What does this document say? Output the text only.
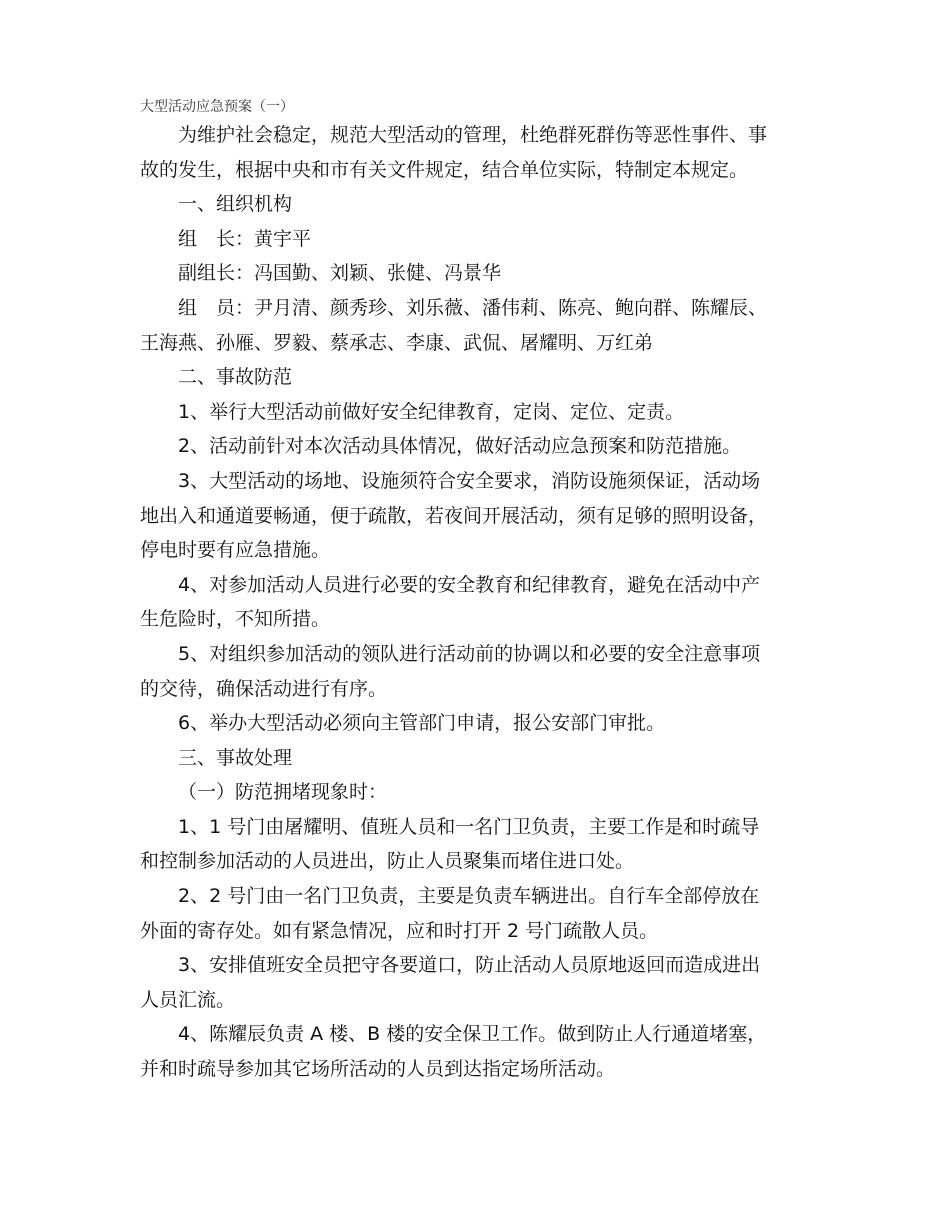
大型活动应急预案（一）

为维护社会稳定，规范大型活动的管理，杜绝群死群伤等恶性事件、事
故的发生，根据中央和市有关文件规定，结合单位实际，特制定本规定。
一、组织机构
组　长：黄宇平
副组长：冯国勤、刘颖、张健、冯景华
组　员：尹月清、颜秀珍、刘乐薇、潘伟莉、陈亮、鲍向群、陈耀辰、
王海燕、孙雁、罗毅、蔡承志、李康、武侃、屠耀明、万红弟
二、事故防范
1、举行大型活动前做好安全纪律教育，定岗、定位、定责。
2、活动前针对本次活动具体情况，做好活动应急预案和防范措施。
3、大型活动的场地、设施须符合安全要求，消防设施须保证，活动场
地出入和通道要畅通，便于疏散，若夜间开展活动，须有足够的照明设备，
停电时要有应急措施。
4、对参加活动人员进行必要的安全教育和纪律教育，避免在活动中产
生危险时，不知所措。
5、对组织参加活动的领队进行活动前的协调以和必要的安全注意事项
的交待，确保活动进行有序。
6、举办大型活动必须向主管部门申请，报公安部门审批。
三、事故处理
（一）防范拥堵现象时：
1、1 号门由屠耀明、值班人员和一名门卫负责，主要工作是和时疏导
和控制参加活动的人员进出，防止人员聚集而堵住进口处。
2、2 号门由一名门卫负责，主要是负责车辆进出。自行车全部停放在
外面的寄存处。如有紧急情况，应和时打开 2 号门疏散人员。
3、安排值班安全员把守各要道口，防止活动人员原地返回而造成进出
人员汇流。
4、陈耀辰负责 A 楼、B 楼的安全保卫工作。做到防止人行通道堵塞，
并和时疏导参加其它场所活动的人员到达指定场所活动。
